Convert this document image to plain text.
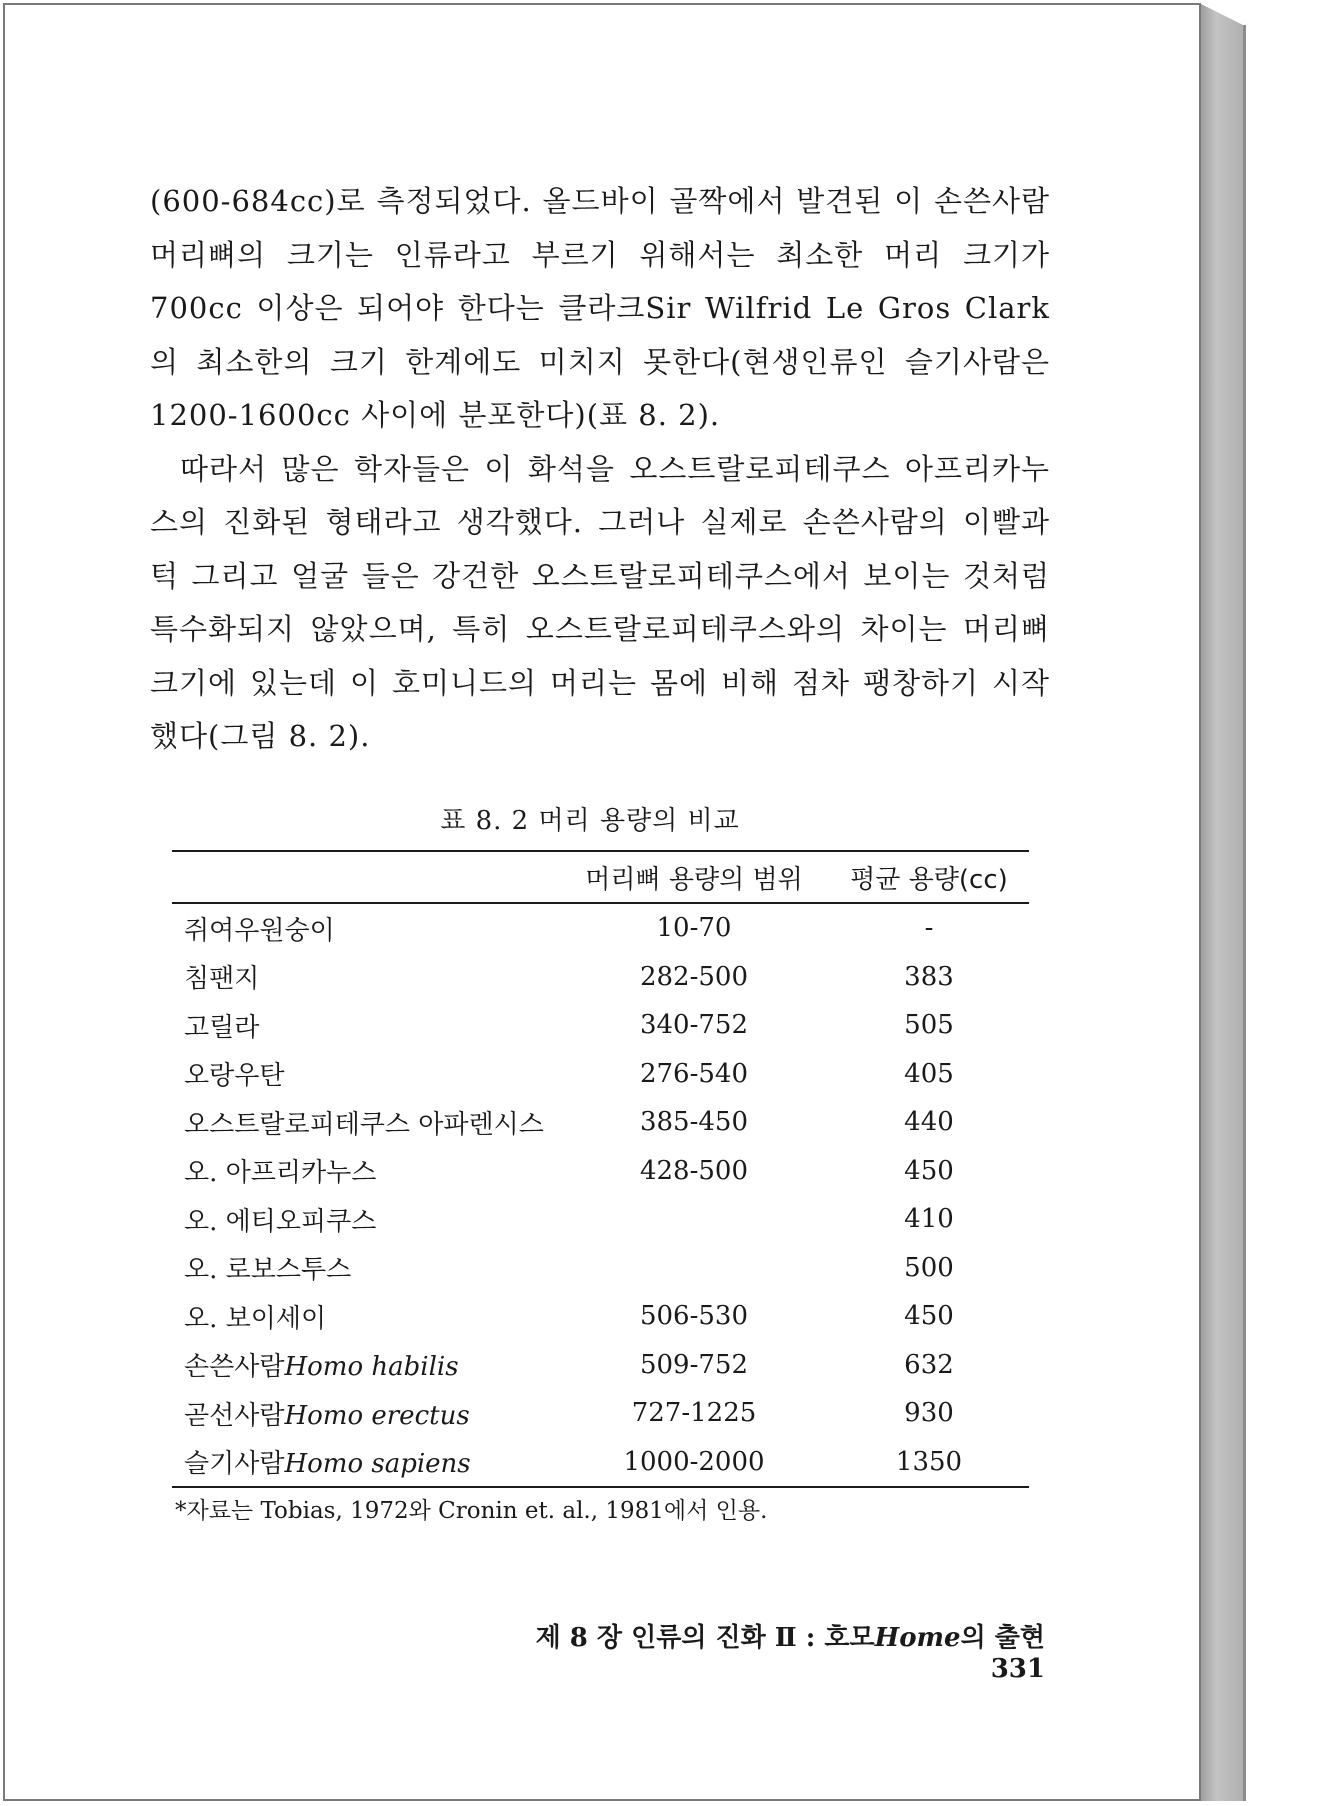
(600-684cc)로 측정되었다. 올드바이 골짝에서 발견된 이 손쓴사람 머리뼈의 크기는 인류라고 부르기 위해서는 최소한 머리 크기가 700cc 이상은 되어야 한다는 클라크Sir Wilfrid Le Gros Clark의 최소한의 크기 한계에도 미치지 못한다(현생인류인 슬기사람은 1200-1600cc 사이에 분포한다)(표 8. 2).

따라서 많은 학자들은 이 화석을 오스트랄로피테쿠스 아프리카누스의 진화된 형태라고 생각했다. 그러나 실제로 손쓴사람의 이빨과 턱 그리고 얼굴 들은 강건한 오스트랄로피테쿠스에서 보이는 것처럼 특수화되지 않았으며, 특히 오스트랄로피테쿠스와의 차이는 머리뼈 크기에 있는데 이 호미니드의 머리는 몸에 비해 점차 팽창하기 시작했다(그림 8. 2).

표 8. 2 머리 용량의 비교
	머리뼈 용량의 범위	평균 용량(cc)
쥐여우원숭이	10-70	-
침팬지	282-500	383
고릴라	340-752	505
오랑우탄	276-540	405
오스트랄로피테쿠스 아파렌시스	385-450	440
오. 아프리카누스	428-500	450
오. 에티오피쿠스		410
오. 로보스투스		500
오. 보이세이	506-530	450
손쓴사람Homo habilis	509-752	632
곧선사람Homo erectus	727-1225	930
슬기사람Homo sapiens	1000-2000	1350
*자료는 Tobias, 1972와 Cronin et. al., 1981에서 인용.
제 8 장 인류의 진화 Ⅱ : 호모Home의 출현331
